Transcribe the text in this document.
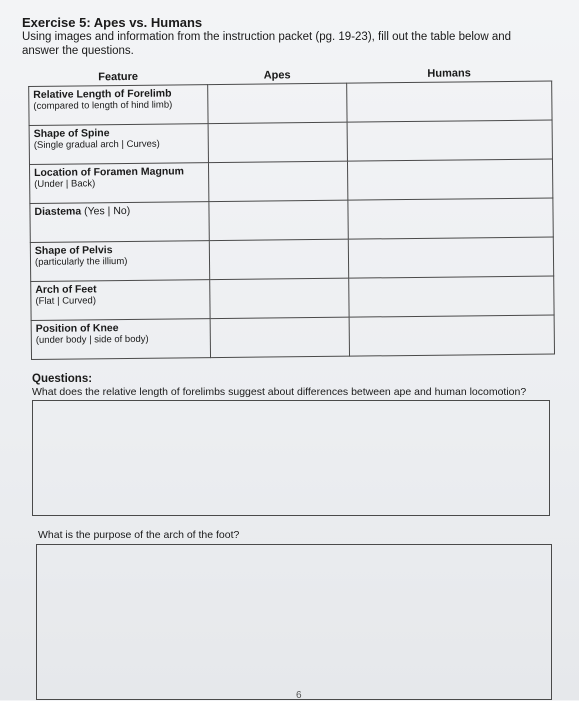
Exercise 5: Apes vs. Humans
Using images and information from the instruction packet (pg. 19-23), fill out the table below and answer the questions.
Feature	Apes	Humans

Relative Length of Forelimb
(compared to length of hind limb)		

Shape of Spine
(Single gradual arch | Curves)		

Location of Foramen Magnum
(Under | Back)		

Diastema (Yes | No)		

Shape of Pelvis
(particularly the illium)		

Arch of Feet
(Flat | Curved)		

Position of Knee
(under body | side of body)		

Questions:
What does the relative length of forelimbs suggest about differences between ape and human locomotion?
What is the purpose of the arch of the foot?
6
